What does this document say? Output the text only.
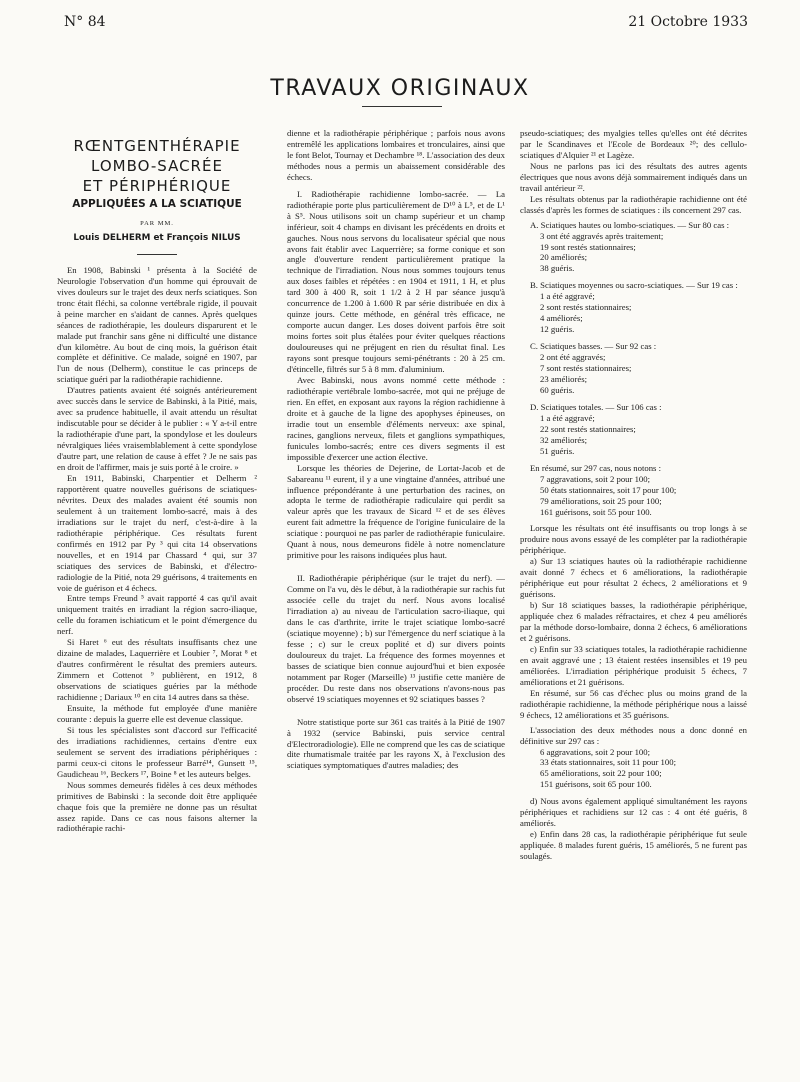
N° 84	21 Octobre 1933
TRAVAUX ORIGINAUX
RŒNTGENTHÉRAPIE
LOMBO-SACRÉE
ET PÉRIPHÉRIQUE
APPLIQUÉES A LA SCIATIQUE
PAR MM.
Louis DELHERM et François NILUS

En 1908, Babinski ¹ présenta à la Société de Neurologie l'observation d'un homme qui éprouvait de vives douleurs sur le trajet des deux nerfs sciatiques. Son tronc était fléchi, sa colonne vertébrale rigide, il pouvait à peine marcher en s'aidant de cannes. Après quelques séances de radiothérapie, les douleurs disparurent et le malade put franchir sans gêne ni difficulté une distance d'un kilomètre. Au bout de cinq mois, la guérison était complète et définitive. Ce malade, soigné en 1907, par l'un de nous (Delherm), constitue le cas princeps de sciatique guéri par la radiothérapie rachidienne.

D'autres patients avaient été soignés antérieurement avec succès dans le service de Babinski, à la Pitié, mais, avec sa prudence habituelle, il avait attendu un résultat indiscutable pour se décider à le publier : « Y a-t-il entre la radiothérapie d'une part, la spondylose et les douleurs névralgiques liées vraisemblablement à cette spondylose d'autre part, une relation de cause à effet ? Je ne sais pas en droit de l'affirmer, mais je suis porté à le croire. »

En 1911, Babinski, Charpentier et Delherm ² rapportèrent quatre nouvelles guérisons de sciatiques-névrites. Deux des malades avaient été soumis non seulement à un traitement lombo-sacré, mais à des irradiations sur le trajet du nerf, c'est-à-dire à la radiothérapie périphérique. Ces résultats furent confirmés en 1912 par Py ³ qui cita 14 observations nouvelles, et en 1914 par Chassard ⁴ qui, sur 37 sciatiques des services de Babinski, et d'électro-radiologie de la Pitié, nota 29 guérisons, 4 traitements en voie de guérison et 4 échecs.

Entre temps Freund ⁵ avait rapporté 4 cas qu'il avait uniquement traités en irradiant la région sacro-iliaque, celle du foramen ischiaticum et le point d'émergence du nerf.

Si Haret ⁶ eut des résultats insuffisants chez une dizaine de malades, Laquerrière et Loubier ⁷, Morat ⁸ et d'autres confirmèrent le résultat des premiers auteurs. Zimmern et Cottenot ⁹ publièrent, en 1912, 8 observations de sciatiques guéries par la méthode rachidienne ; Dariaux ¹⁰ en cita 14 autres dans sa thèse.

Ensuite, la méthode fut employée d'une manière courante : depuis la guerre elle est devenue classique.

Si tous les spécialistes sont d'accord sur l'efficacité des irradiations rachidiennes, certains d'entre eux seulement se servent des irradiations périphériques : parmi ceux-ci citons le professeur Barré¹⁴, Gunsett ¹⁵, Gaudicheau ¹⁶, Beckers ¹⁷, Boine ⁸ et les auteurs belges.

Nous sommes demeurés fidèles à ces deux méthodes primitives de Babinski : la seconde doit être appliquée chaque fois que la première ne donne pas un résultat assez rapide. Dans ce cas nous faisons alterner la radiothérapie rachi-

dienne et la radiothérapie périphérique ; parfois nous avons entremêlé les applications lombaires et tronculaires, ainsi que le font Belot, Tournay et Dechambre ¹⁸. L'association des deux méthodes nous a permis un abaissement considérable des échecs.

I. Radiothérapie rachidienne lombo-sacrée. — La radiothérapie porte plus particulièrement de D¹⁰ à L⁵, et de L¹ à S⁵. Nous utilisons soit un champ supérieur et un champ inférieur, soit 4 champs en divisant les précédents en droits et gauches. Nous nous servons du localisateur spécial que nous avons fait établir avec Laquerrière; sa forme conique et son angle d'ouverture rendent particulièrement pratique la technique de l'irradiation. Nous nous sommes toujours tenus aux doses faibles et répétées : en 1904 et 1911, 1 H, et plus tard 300 à 400 R, soit 1 1/2 à 2 H par séance jusqu'à concurrence de 1.200 à 1.600 R par série distribuée en dix à quinze jours. Cette méthode, en général très efficace, ne comporte aucun danger. Les doses doivent parfois être soit moins fortes soit plus étalées pour éviter quelques réactions douloureuses qui ne préjugent en rien du résultat final. Les rayons sont presque toujours semi-pénétrants : 20 à 25 cm. d'étincelle, filtrés sur 5 à 8 mm. d'aluminium.

Avec Babinski, nous avons nommé cette méthode : radiothérapie vertébrale lombo-sacrée, mot qui ne préjuge de rien. En effet, en exposant aux rayons la région rachidienne à droite et à gauche de la ligne des apophyses épineuses, on irradie tout un ensemble d'éléments nerveux: axe spinal, racines, ganglions nerveux, filets et ganglions sympathiques, funicules lombo-sacrés; entre ces divers segments il est impossible d'exercer une action élective.

Lorsque les théories de Dejerine, de Lortat-Jacob et de Sabareanu ¹¹ eurent, il y a une vingtaine d'années, attribué une influence prépondérante à une perturbation des racines, on adopta le terme de radiothérapie radiculaire qui perdit sa valeur après que les travaux de Sicard ¹² et de ses élèves eurent fait admettre la fréquence de l'origine funiculaire de la sciatique : pourquoi ne pas parler de radiothérapie funiculaire. Quant à nous, nous demeurons fidèle à notre nomenclature primitive pour les raisons indiquées plus haut.

II. Radiothérapie périphérique (sur le trajet du nerf). — Comme on l'a vu, dès le début, à la radiothérapie sur rachis fut associée celle du trajet du nerf. Nous avons localisé l'irradiation a) au niveau de l'articulation sacro-iliaque, qui dans le cas d'arthrite, irrite le trajet sciatique lombo-sacré (sciatique moyenne) ; b) sur l'émergence du nerf sciatique à la fesse ; c) sur le creux poplité et d) sur divers points douloureux du trajet. La fréquence des formes moyennes et basses de sciatique bien connue aujourd'hui et bien exposée notamment par Roger (Marseille) ¹³ justifie cette manière de procéder. Du reste dans nos observations n'avons-nous pas observé 19 sciatiques moyennes et 92 sciatiques basses ?

Notre statistique porte sur 361 cas traités à la Pitié de 1907 à 1932 (service Babinski, puis service central d'Electroradiologie). Elle ne comprend que les cas de sciatique dite rhumatismale traitée par les rayons X, à l'exclusion des sciatiques symptomatiques d'autres maladies; des

pseudo-sciatiques; des myalgies telles qu'elles ont été décrites par le Scandinaves et l'Ecole de Bordeaux ²⁰; des cellulo-sciatiques d'Alquier ²¹ et Lagèze.

Nous ne parlons pas ici des résultats des autres agents électriques que nous avons déjà sommairement indiqués dans un travail antérieur ²².

Les résultats obtenus par la radiothérapie rachidienne ont été classés d'après les formes de sciatiques : ils concernent 297 cas.

A. Sciatiques hautes ou lombo-sciatiques. — Sur 80 cas :

3 ont été aggravés après traitement;

19 sont restés stationnaires;

20 améliorés;

38 guéris.

B. Sciatiques moyennes ou sacro-sciatiques. — Sur 19 cas :

1 a été aggravé;

2 sont restés stationnaires;

4 améliorés;

12 guéris.

C. Sciatiques basses. — Sur 92 cas :

2 ont été aggravés;

7 sont restés stationnaires;

23 améliorés;

60 guéris.

D. Sciatiques totales. — Sur 106 cas :

1 a été aggravé;

22 sont restés stationnaires;

32 améliorés;

51 guéris.

En résumé, sur 297 cas, nous notons :

7 aggravations, soit 2 pour 100;

50 états stationnaires, soit 17 pour 100;

79 améliorations, soit 25 pour 100;

161 guérisons, soit 55 pour 100.

Lorsque les résultats ont été insuffisants ou trop longs à se produire nous avons essayé de les compléter par la radiothérapie périphérique.

a) Sur 13 sciatiques hautes où la radiothérapie rachidienne avait donné 7 échecs et 6 améliorations, la radiothérapie périphérique eut pour résultat 2 échecs, 2 améliorations et 9 guérisons.

b) Sur 18 sciatiques basses, la radiothérapie périphérique, appliquée chez 6 malades réfractaires, et chez 4 peu améliorés par la méthode dorso-lombaire, donna 2 échecs, 6 améliorations et 2 guérisons.

c) Enfin sur 33 sciatiques totales, la radiothérapie rachidienne en avait aggravé une ; 13 étaient restées insensibles et 19 peu améliorées. L'irradiation périphérique produisit 5 échecs, 7 améliorations et 21 guérisons.

En résumé, sur 56 cas d'échec plus ou moins grand de la radiothérapie rachidienne, la méthode périphérique nous a laissé 9 échecs, 12 améliorations et 35 guérisons.

L'association des deux méthodes nous a donc donné en définitive sur 297 cas :

6 aggravations, soit 2 pour 100;

33 états stationnaires, soit 11 pour 100;

65 améliorations, soit 22 pour 100;

151 guérisons, soit 65 pour 100.

d) Nous avons également appliqué simultanément les rayons périphériques et rachidiens sur 12 cas : 4 ont été guéris, 8 améliorés.

e) Enfin dans 28 cas, la radiothérapie périphérique fut seule appliquée. 8 malades furent guéris, 15 améliorés, 5 ne furent pas soulagés.
